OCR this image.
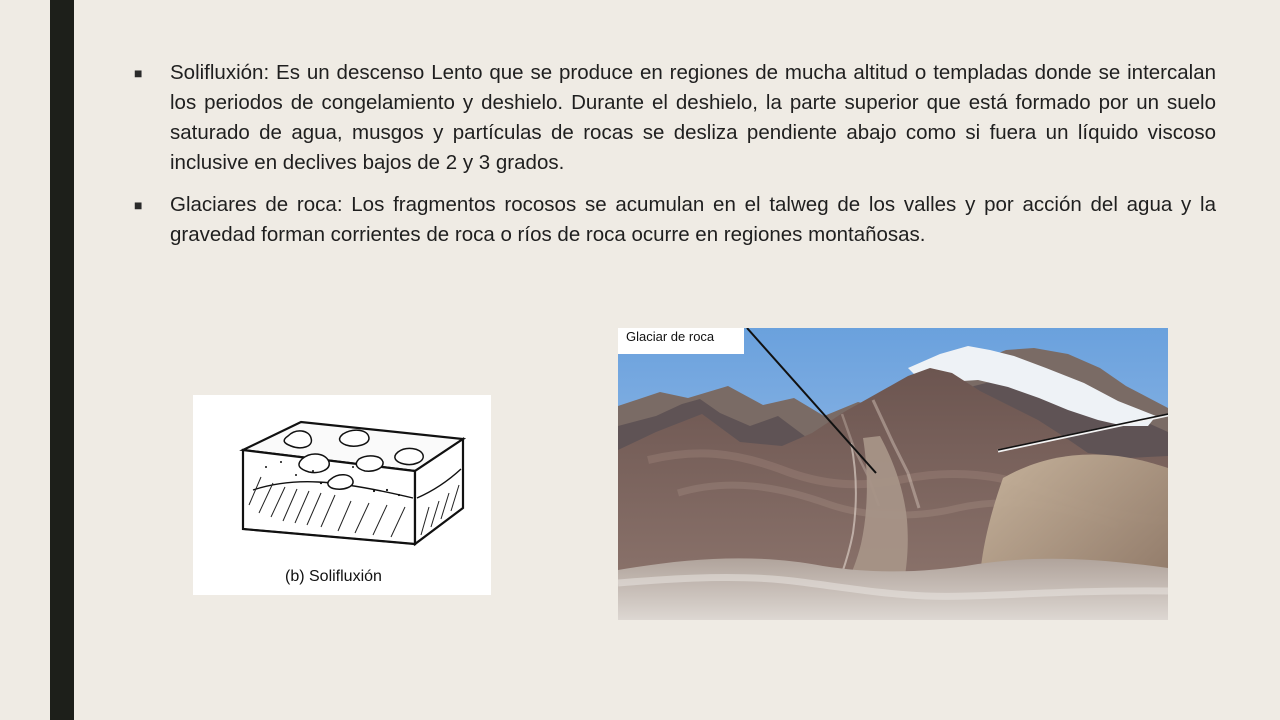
■ Solifluxión: Es un descenso Lento que se produce en regiones de mucha altitud o templadas donde se intercalan los periodos de congelamiento y deshielo. Durante el deshielo, la parte superior que está formado por un suelo saturado de agua, musgos y partículas de rocas se desliza pendiente abajo como si fuera un líquido viscoso inclusive en declives bajos de 2 y 3 grados.
■ Glaciares de roca: Los fragmentos rocosos se acumulan en el talweg de los valles y por acción del agua y la gravedad forman corrientes de roca o ríos de roca ocurre en regiones montañosas.
(b) Solifluxión
Glaciar de roca
